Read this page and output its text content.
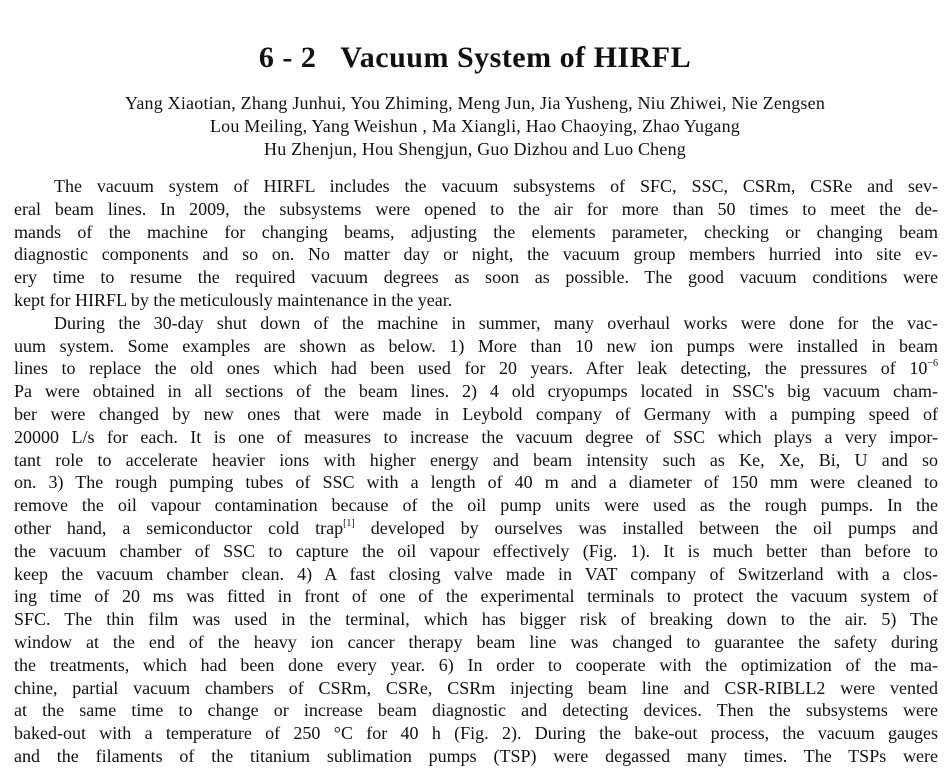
6 - 2 Vacuum System of HIRFL
Yang Xiaotian, Zhang Junhui, You Zhiming, Meng Jun, Jia Yusheng, Niu Zhiwei, Nie Zengsen
Lou Meiling, Yang Weishun , Ma Xiangli, Hao Chaoying, Zhao Yugang
Hu Zhenjun, Hou Shengjun, Guo Dizhou and Luo Cheng
The vacuum system of HIRFL includes the vacuum subsystems of SFC, SSC, CSRm, CSRe and sev-
eral beam lines. In 2009, the subsystems were opened to the air for more than 50 times to meet the de-
mands of the machine for changing beams, adjusting the elements parameter, checking or changing beam
diagnostic components and so on. No matter day or night, the vacuum group members hurried into site ev-
ery time to resume the required vacuum degrees as soon as possible. The good vacuum conditions were
kept for HIRFL by the meticulously maintenance in the year.
During the 30-day shut down of the machine in summer, many overhaul works were done for the vac-
uum system. Some examples are shown as below. 1) More than 10 new ion pumps were installed in beam
lines to replace the old ones which had been used for 20 years. After leak detecting, the pressures of $10^{-6}$
Pa were obtained in all sections of the beam lines. 2) 4 old cryopumps located in SSC's big vacuum cham-
ber were changed by new ones that were made in Leybold company of Germany with a pumping speed of
20000 L/s for each. It is one of measures to increase the vacuum degree of SSC which plays a very impor-
tant role to accelerate heavier ions with higher energy and beam intensity such as Ke, Xe, Bi, U and so
on. 3) The rough pumping tubes of SSC with a length of 40 m and a diameter of 150 mm were cleaned to
remove the oil vapour contamination because of the oil pump units were used as the rough pumps. In the
other hand, a semiconductor cold trap[1] developed by ourselves was installed between the oil pumps and
the vacuum chamber of SSC to capture the oil vapour effectively (Fig. 1). It is much better than before to
keep the vacuum chamber clean. 4) A fast closing valve made in VAT company of Switzerland with a clos-
ing time of 20 ms was fitted in front of one of the experimental terminals to protect the vacuum system of
SFC. The thin film was used in the terminal, which has bigger risk of breaking down to the air. 5) The
window at the end of the heavy ion cancer therapy beam line was changed to guarantee the safety during
the treatments, which had been done every year. 6) In order to cooperate with the optimization of the ma-
chine, partial vacuum chambers of CSRm, CSRe, CSRm injecting beam line and CSR-RIBLL2 were vented
at the same time to change or increase beam diagnostic and detecting devices. Then the subsystems were
baked-out with a temperature of 250 °C for 40 h (Fig. 2). During the bake-out process, the vacuum gauges
and the filaments of the titanium sublimation pumps (TSP) were degassed many times. The TSPs were
